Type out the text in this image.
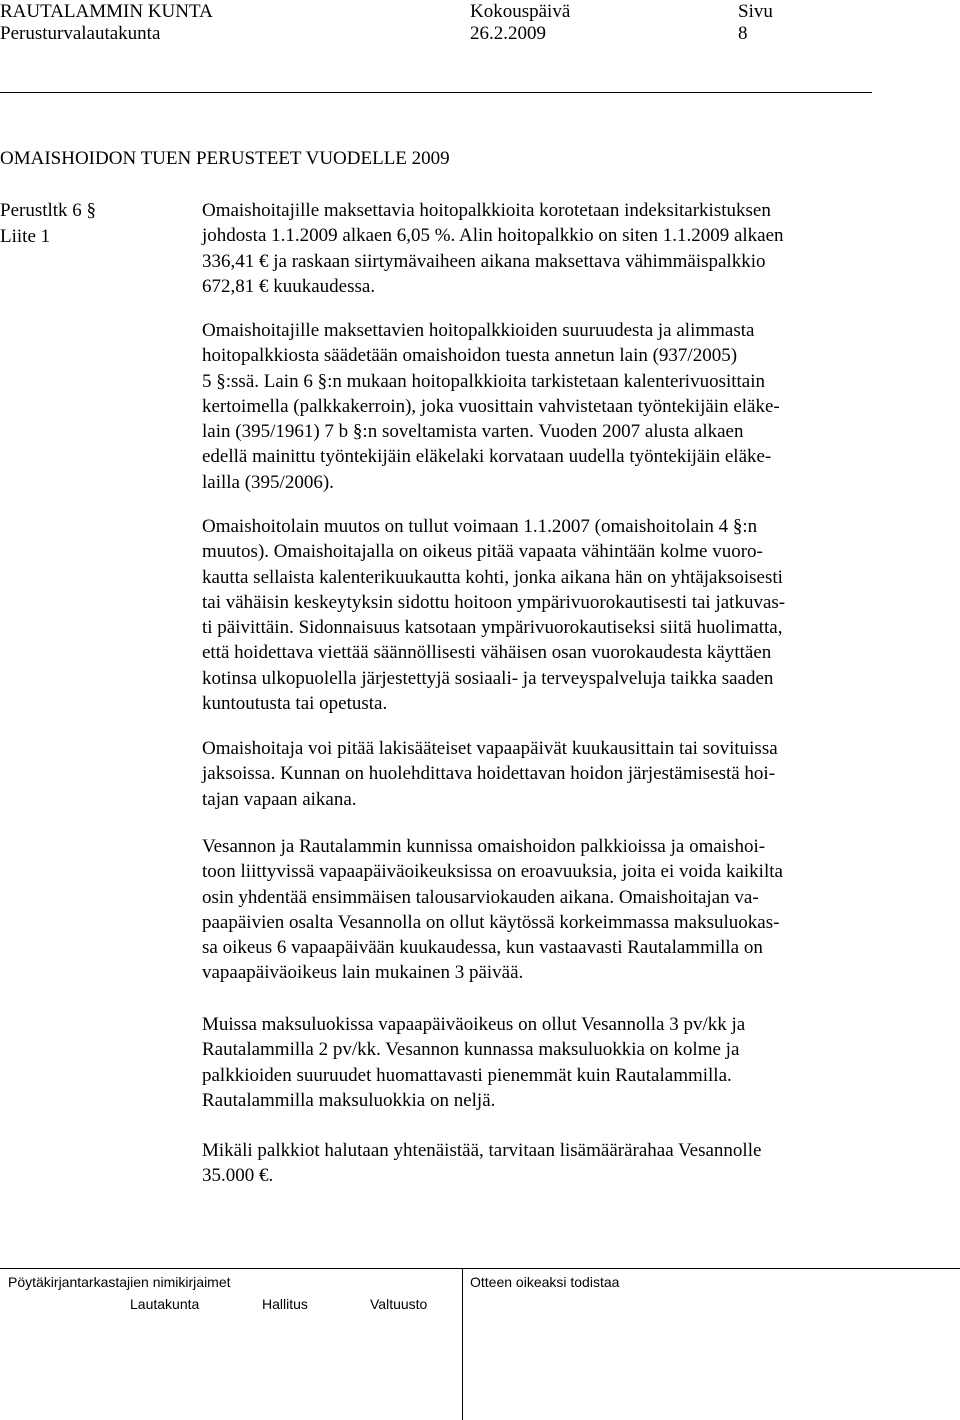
RAUTALAMMIN KUNTA
Perusturvalautakunta
Kokouspäivä
26.2.2009
Sivu
8
OMAISHOIDON TUEN PERUSTEET VUODELLE 2009
Perustltk 6 §
Liite 1
Omaishoitajille maksettavia hoitopalkkioita korotetaan indeksitarkistuksen
johdosta 1.1.2009 alkaen 6,05 %. Alin hoitopalkkio on siten 1.1.2009 alkaen
336,41 € ja raskaan siirtymävaiheen aikana maksettava vähimmäispalkkio
672,81 € kuukaudessa.
Omaishoitajille maksettavien hoitopalkkioiden suuruudesta ja alimmasta
hoitopalkkiosta säädetään omaishoidon tuesta annetun lain (937/2005)
5 §:ssä. Lain 6 §:n mukaan hoitopalkkioita tarkistetaan kalenterivuosittain
kertoimella (palkkakerroin), joka vuosittain vahvistetaan työntekijäin eläke-
lain (395/1961) 7 b §:n soveltamista varten. Vuoden 2007 alusta alkaen
edellä mainittu työntekijäin eläkelaki korvataan uudella työntekijäin eläke-
lailla (395/2006).
Omaishoitolain muutos on tullut voimaan 1.1.2007 (omaishoitolain 4 §:n
muutos). Omaishoitajalla on oikeus pitää vapaata vähintään kolme vuoro-
kautta sellaista kalenterikuukautta kohti, jonka aikana hän on yhtäjaksoisesti
tai vähäisin keskeytyksin sidottu hoitoon ympärivuorokautisesti tai jatkuvas-
ti päivittäin. Sidonnaisuus katsotaan ympärivuorokautiseksi siitä huolimatta,
että hoidettava viettää säännöllisesti vähäisen osan vuorokaudesta käyttäen
kotinsa ulkopuolella järjestettyjä sosiaali- ja terveyspalveluja taikka saaden
kuntoutusta tai opetusta.
Omaishoitaja voi pitää lakisääteiset vapaapäivät kuukausittain tai sovituissa
jaksoissa. Kunnan on huolehdittava hoidettavan hoidon järjestämisestä hoi-
tajan vapaan aikana.
Vesannon ja Rautalammin kunnissa omaishoidon palkkioissa ja omaishoi-
toon liittyvissä vapaapäiväoikeuksissa on eroavuuksia, joita ei voida kaikilta
osin yhdentää ensimmäisen talousarviokauden aikana. Omaishoitajan va-
paapäivien osalta Vesannolla on ollut käytössä korkeimmassa maksuluokas-
sa oikeus 6 vapaapäivään kuukaudessa, kun vastaavasti Rautalammilla on
vapaapäiväoikeus lain mukainen 3 päivää.
Muissa maksuluokissa vapaapäiväoikeus on ollut Vesannolla 3 pv/kk ja
Rautalammilla 2 pv/kk. Vesannon kunnassa maksuluokkia on kolme ja
palkkioiden suuruudet huomattavasti pienemmät kuin Rautalammilla.
Rautalammilla maksuluokkia on neljä.
Mikäli palkkiot halutaan yhtenäistää, tarvitaan lisämäärärahaa Vesannolle
35.000 €.
Pöytäkirjantarkastajien nimikirjaimet
Lautakunta	Hallitus	Valtuusto
Otteen oikeaksi todistaa
